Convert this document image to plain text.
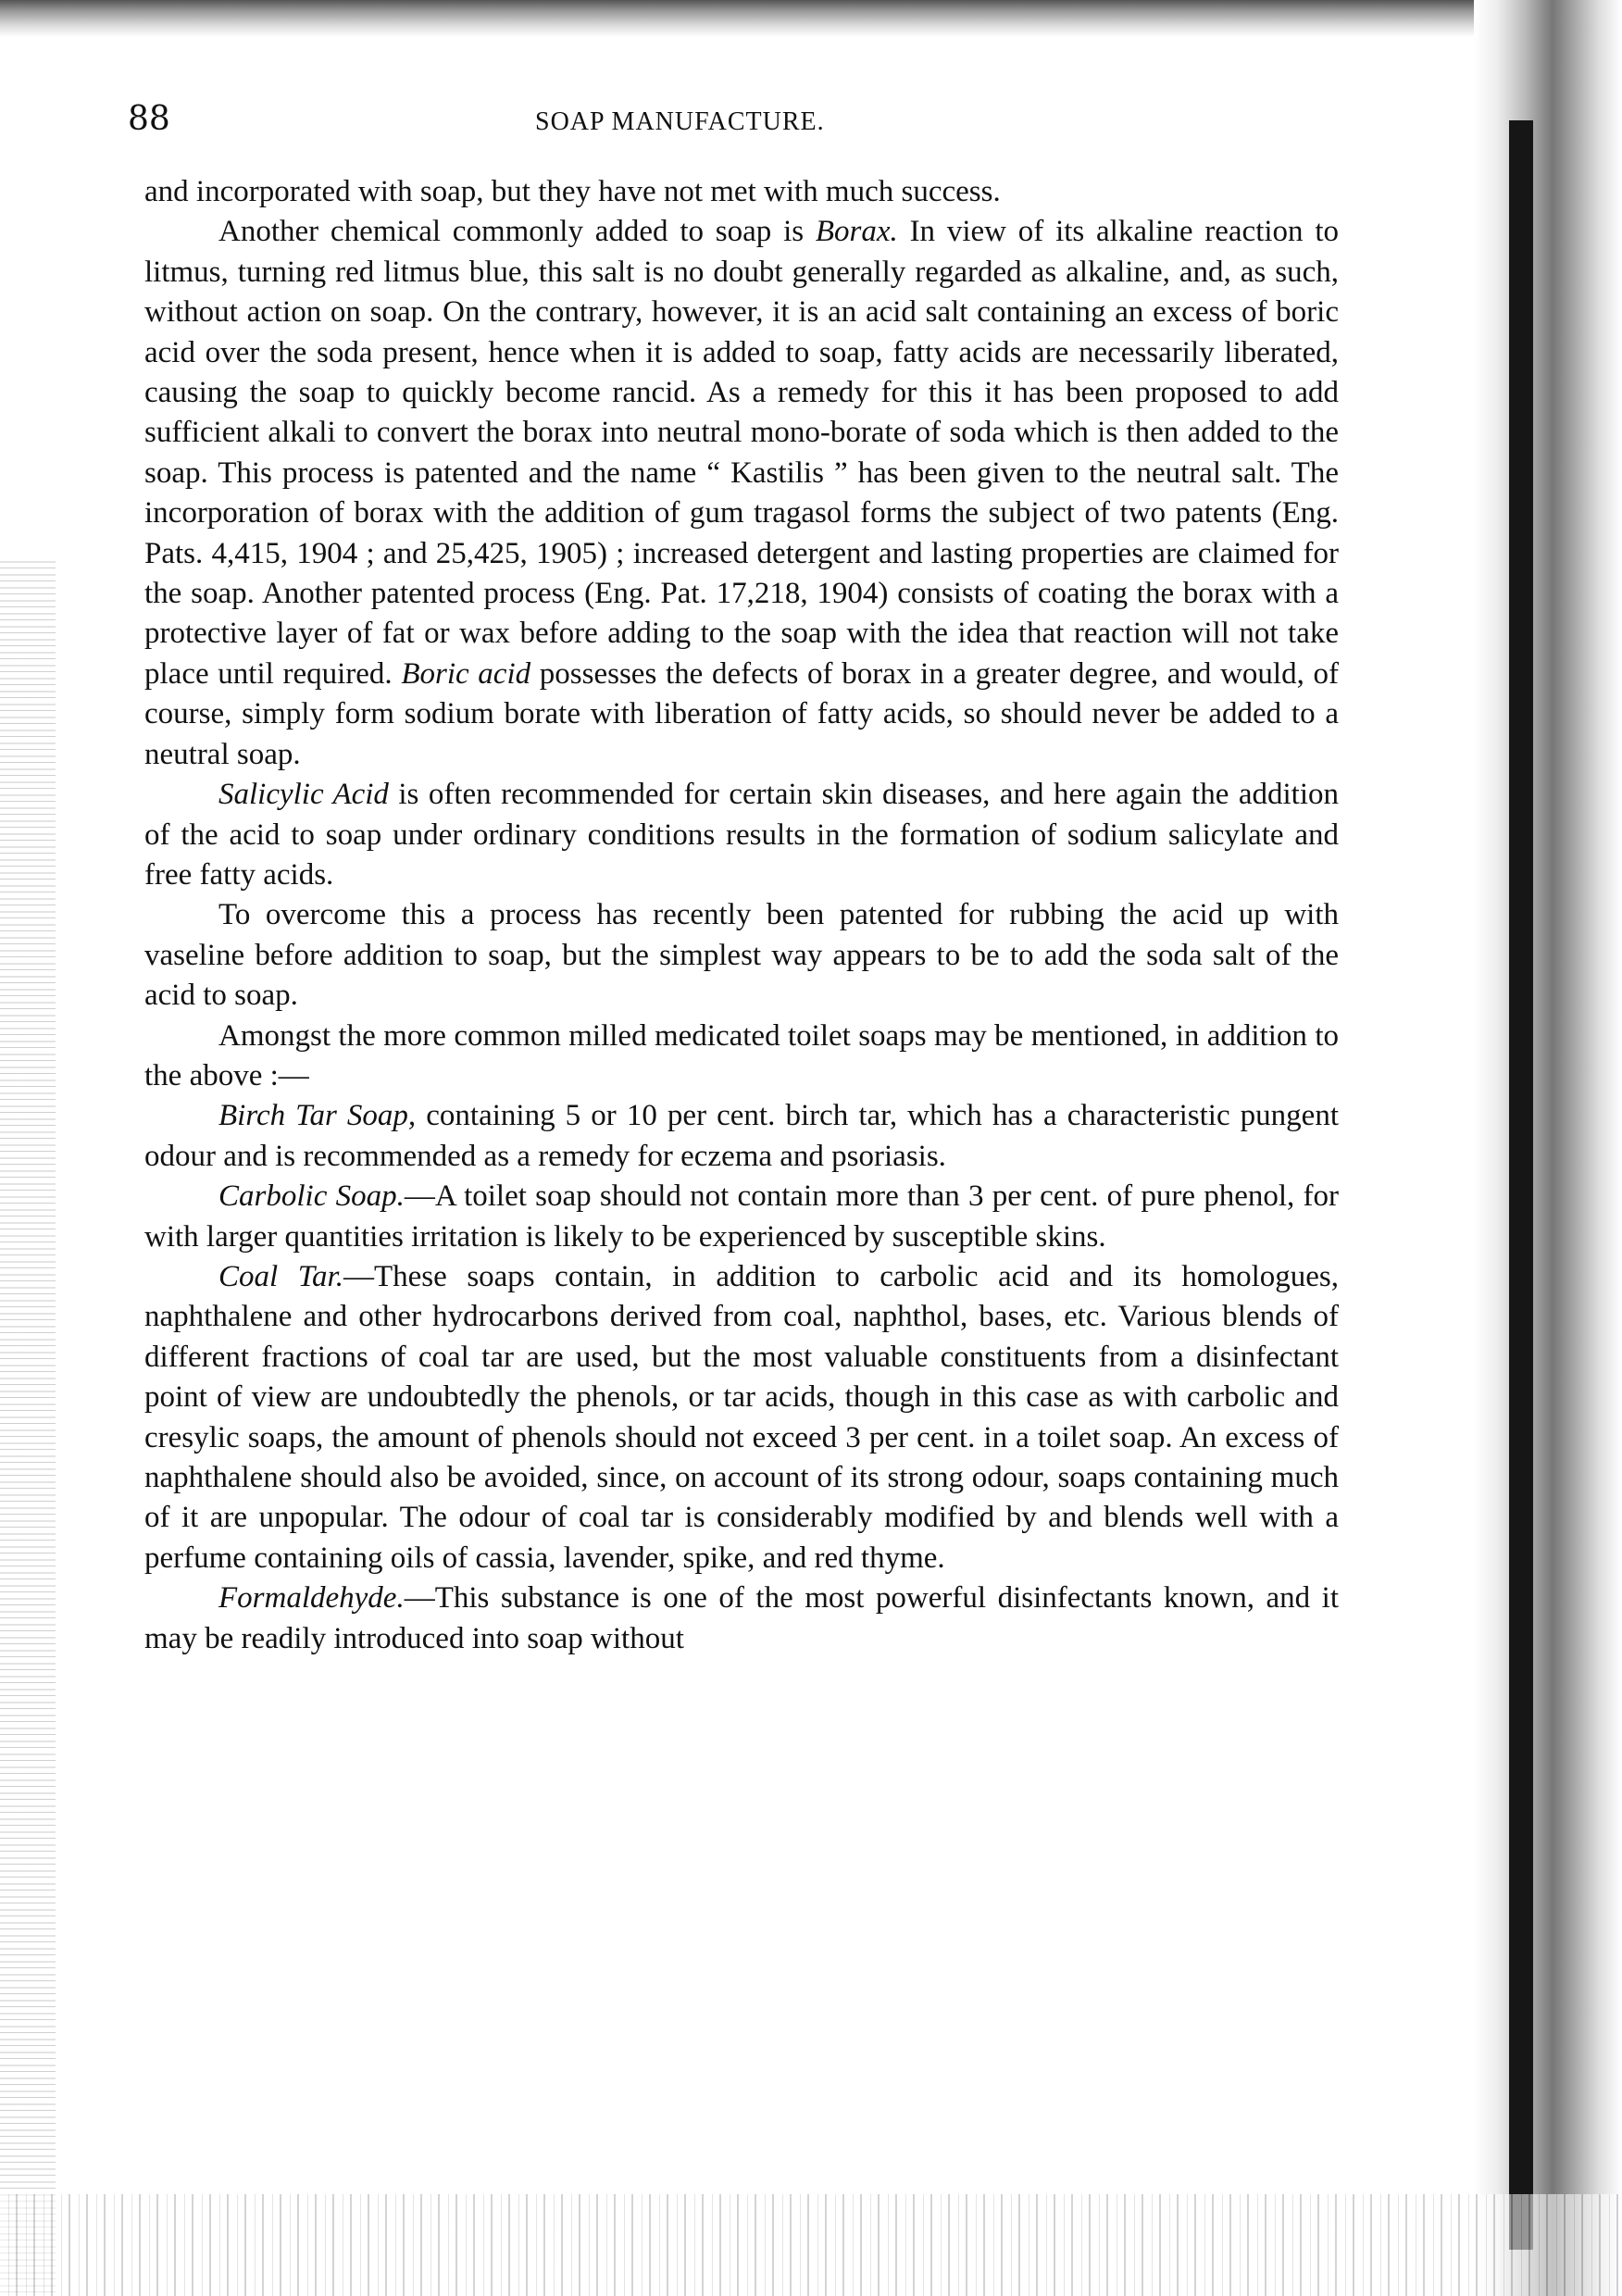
88	SOAP MANUFACTURE.

and incorporated with soap, but they have not met with much success.

Another chemical commonly added to soap is Borax. In view of its alkaline reaction to litmus, turning red litmus blue, this salt is no doubt generally regarded as alkaline, and, as such, without action on soap. On the contrary, however, it is an acid salt containing an excess of boric acid over the soda present, hence when it is added to soap, fatty acids are necessarily liberated, causing the soap to quickly become rancid. As a remedy for this it has been proposed to add sufficient alkali to convert the borax into neutral mono-borate of soda which is then added to the soap. This process is patented and the name “ Kastilis ” has been given to the neutral salt. The incorporation of borax with the addition of gum tragasol forms the subject of two patents (Eng. Pats. 4,415, 1904 ; and 25,425, 1905) ; increased detergent and lasting properties are claimed for the soap. Another patented process (Eng. Pat. 17,218, 1904) consists of coating the borax with a protective layer of fat or wax before adding to the soap with the idea that reaction will not take place until required. Boric acid possesses the defects of borax in a greater degree, and would, of course, simply form sodium borate with liberation of fatty acids, so should never be added to a neutral soap.

Salicylic Acid is often recommended for certain skin diseases, and here again the addition of the acid to soap under ordinary conditions results in the formation of sodium salicylate and free fatty acids.

To overcome this a process has recently been patented for rubbing the acid up with vaseline before addition to soap, but the simplest way appears to be to add the soda salt of the acid to soap.

Amongst the more common milled medicated toilet soaps may be mentioned, in addition to the above :—

Birch Tar Soap, containing 5 or 10 per cent. birch tar, which has a characteristic pungent odour and is recommended as a remedy for eczema and psoriasis.

Carbolic Soap.—A toilet soap should not contain more than 3 per cent. of pure phenol, for with larger quantities irritation is likely to be experienced by susceptible skins.

Coal Tar.—These soaps contain, in addition to carbolic acid and its homologues, naphthalene and other hydrocarbons derived from coal, naphthol, bases, etc. Various blends of different fractions of coal tar are used, but the most valuable constituents from a disinfectant point of view are undoubtedly the phenols, or tar acids, though in this case as with carbolic and cresylic soaps, the amount of phenols should not exceed 3 per cent. in a toilet soap. An excess of naphthalene should also be avoided, since, on account of its strong odour, soaps containing much of it are unpopular. The odour of coal tar is considerably modified by and blends well with a perfume containing oils of cassia, lavender, spike, and red thyme.

Formaldehyde.—This substance is one of the most powerful disinfectants known, and it may be readily introduced into soap without
